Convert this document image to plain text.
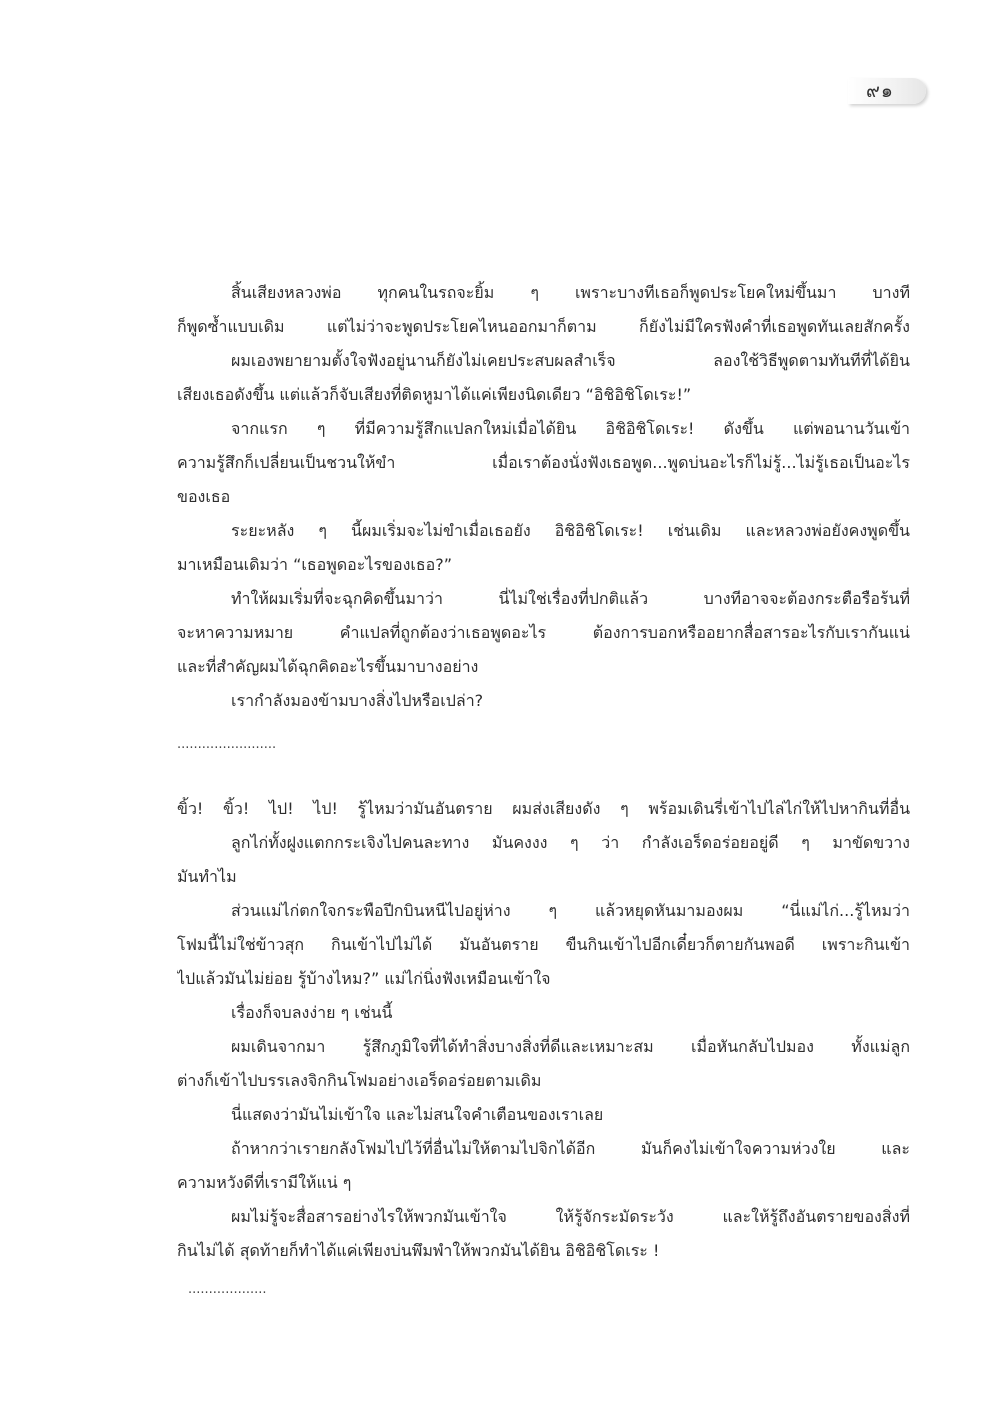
๙๑
สิ้นเสียงหลวงพ่อ ทุกคนในรถจะยิ้ม ๆ เพราะบางทีเธอก็พูดประโยคใหม่ขึ้นมา บางที
ก็พูดซ้ำแบบเดิม แต่ไม่ว่าจะพูดประโยคไหนออกมาก็ตาม ก็ยังไม่มีใครฟังคำที่เธอพูดทันเลยสักครั้ง
ผมเองพยายามตั้งใจฟังอยู่นานก็ยังไม่เคยประสบผลสำเร็จ ลองใช้วิธีพูดตามทันทีที่ได้ยิน
เสียงเธอดังขึ้น แต่แล้วก็จับเสียงที่ติดหูมาได้แค่เพียงนิดเดียว “อิชิอิชิโดเระ!”
จากแรก ๆ ที่มีความรู้สึกแปลกใหม่เมื่อได้ยิน อิชิอิชิโดเระ! ดังขึ้น แต่พอนานวันเข้า
ความรู้สึกก็เปลี่ยนเป็นชวนให้ขำ เมื่อเราต้องนั่งฟังเธอพูด...พูดบ่นอะไรก็ไม่รู้...ไม่รู้เธอเป็นอะไร
ของเธอ
ระยะหลัง ๆ นี้ผมเริ่มจะไม่ขำเมื่อเธอยัง อิชิอิชิโดเระ! เช่นเดิม และหลวงพ่อยังคงพูดขึ้น
มาเหมือนเดิมว่า “เธอพูดอะไรของเธอ?”
ทำให้ผมเริ่มที่จะฉุกคิดขึ้นมาว่า นี่ไม่ใช่เรื่องที่ปกติแล้ว บางทีอาจจะต้องกระตือรือร้นที่
จะหาความหมาย คำแปลที่ถูกต้องว่าเธอพูดอะไร ต้องการบอกหรืออยากสื่อสารอะไรกับเรากันแน่
และที่สำคัญผมได้ฉุกคิดอะไรขึ้นมาบางอย่าง
เรากำลังมองข้ามบางสิ่งไปหรือเปล่า?
........................
ขิ้ว! ขิ้ว! ไป! ไป! รู้ไหมว่ามันอันตราย ผมส่งเสียงดัง ๆ พร้อมเดินรี่เข้าไปไล่ไก่ให้ไปหากินที่อื่น
ลูกไก่ทั้งฝูงแตกกระเจิงไปคนละทาง มันคงงง ๆ ว่า กำลังเอร็ดอร่อยอยู่ดี ๆ มาขัดขวาง
มันทำไม
ส่วนแม่ไก่ตกใจกระพือปีกบินหนีไปอยู่ห่าง ๆ แล้วหยุดหันมามองผม “นี่แม่ไก่...รู้ไหมว่า
โฟมนี้ไม่ใช่ข้าวสุก กินเข้าไปไม่ได้ มันอันตราย ขืนกินเข้าไปอีกเดี๋ยวก็ตายกันพอดี เพราะกินเข้า
ไปแล้วมันไม่ย่อย รู้บ้างไหม?” แม่ไก่นิ่งฟังเหมือนเข้าใจ
เรื่องก็จบลงง่าย ๆ เช่นนี้
ผมเดินจากมา รู้สึกภูมิใจที่ได้ทำสิ่งบางสิ่งที่ดีและเหมาะสม เมื่อหันกลับไปมอง ทั้งแม่ลูก
ต่างก็เข้าไปบรรเลงจิกกินโฟมอย่างเอร็ดอร่อยตามเดิม
นี่แสดงว่ามันไม่เข้าใจ และไม่สนใจคำเตือนของเราเลย
ถ้าหากว่าเรายกลังโฟมไปไว้ที่อื่นไม่ให้ตามไปจิกได้อีก มันก็คงไม่เข้าใจความห่วงใย และ
ความหวังดีที่เรามีให้แน่ ๆ
ผมไม่รู้จะสื่อสารอย่างไรให้พวกมันเข้าใจ ให้รู้จักระมัดระวัง และให้รู้ถึงอันตรายของสิ่งที่
กินไม่ได้ สุดท้ายก็ทำได้แค่เพียงบ่นพึมพำให้พวกมันได้ยิน อิชิอิชิโดเระ !
...................
